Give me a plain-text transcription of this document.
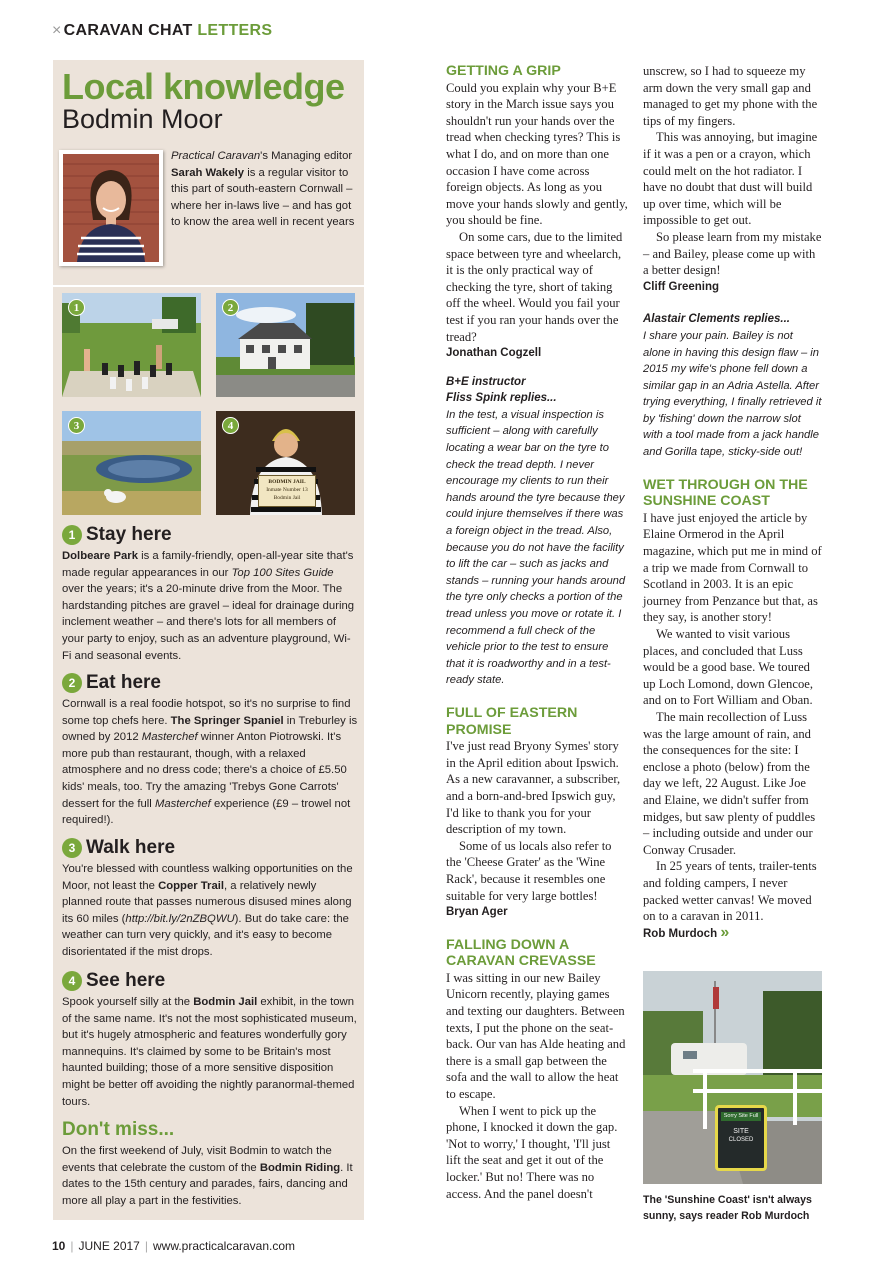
× CARAVAN CHAT LETTERS
Local knowledge
Bodmin Moor
Practical Caravan's Managing editor Sarah Wakely is a regular visitor to this part of south-eastern Cornwall – where her in-laws live – and has got to know the area well in recent years
1	2
3
BODMIN JAIL
Inmate Number 13
Bodmin Jail
4
1 Stay here
Dolbeare Park is a family-friendly, open-all-year site that's made regular appearances in our Top 100 Sites Guide over the years; it's a 20-minute drive from the Moor. The hardstanding pitches are gravel – ideal for drainage during inclement weather – and there's lots for all members of your party to enjoy, such as an adventure playground, Wi-Fi and seasonal events.
2 Eat here
Cornwall is a real foodie hotspot, so it's no surprise to find some top chefs here. The Springer Spaniel in Treburley is owned by 2012 Masterchef winner Anton Piotrowski. It's more pub than restaurant, though, with a relaxed atmosphere and no dress code; there's a choice of £5.50 kids' meals, too. Try the amazing 'Trebys Gone Carrots' dessert for the full Masterchef experience (£9 – trowel not required!).
3 Walk here
You're blessed with countless walking opportunities on the Moor, not least the Copper Trail, a relatively newly planned route that passes numerous disused mines along its 60 miles (http://bit.ly/2nZBQWU). But do take care: the weather can turn very quickly, and it's easy to become disorientated if the mist drops.
4 See here
Spook yourself silly at the Bodmin Jail exhibit, in the town of the same name. It's not the most sophisticated museum, but it's hugely atmospheric and features wonderfully gory mannequins. It's claimed by some to be Britain's most haunted building; those of a more sensitive disposition might be better off avoiding the nightly paranormal-themed tours.
Don't miss...
On the first weekend of July, visit Bodmin to watch the events that celebrate the custom of the Bodmin Riding. It dates to the 15th century and parades, fairs, dancing and more all play a part in the festivities.
GETTING A GRIP

Could you explain why your B+E story in the March issue says you shouldn't run your hands over the tread when checking tyres? This is what I do, and on more than one occasion I have come across foreign objects. As long as you move your hands slowly and gently, you should be fine.

On some cars, due to the limited space between tyre and wheelarch, it is the only practical way of checking the tyre, short of taking off the wheel. Would you fail your test if you ran your hands over the tread?

Jonathan Cogzell
B+E instructor
Fliss Spink replies...
In the test, a visual inspection is sufficient – along with carefully locating a wear bar on the tyre to check the tread depth. I never encourage my clients to run their hands around the tyre because they could injure themselves if there was a foreign object in the tread. Also, because you do not have the facility to lift the car – such as jacks and stands – running your hands around the tyre only checks a portion of the tread unless you move or rotate it. I recommend a full check of the vehicle prior to the test to ensure that it is roadworthy and in a test-ready state.
FULL OF EASTERN PROMISE

I've just read Bryony Symes' story in the April edition about Ipswich. As a new caravanner, a subscriber, and a born-and-bred Ipswich guy, I'd like to thank you for your description of my town.

Some of us locals also refer to the 'Cheese Grater' as the 'Wine Rack', because it resembles one suitable for very large bottles!

Bryan Ager
FALLING DOWN A CARAVAN CREVASSE

I was sitting in our new Bailey Unicorn recently, playing games and texting our daughters. Between texts, I put the phone on the seat-back. Our van has Alde heating and there is a small gap between the sofa and the wall to allow the heat to escape.

When I went to pick up the phone, I knocked it down the gap. 'Not to worry,' I thought, 'I'll just lift the seat and get it out of the locker.' But no! There was no access. And the panel doesn't

unscrew, so I had to squeeze my arm down the very small gap and managed to get my phone with the tips of my fingers.

This was annoying, but imagine if it was a pen or a crayon, which could melt on the hot radiator. I have no doubt that dust will build up over time, which will be impossible to get out.

So please learn from my mistake – and Bailey, please come up with a better design!

Cliff Greening
Alastair Clements replies...
I share your pain. Bailey is not alone in having this design flaw – in 2015 my wife's phone fell down a similar gap in an Adria Astella. After trying everything, I finally retrieved it by 'fishing' down the narrow slot with a tool made from a jack handle and Gorilla tape, sticky-side out!
WET THROUGH ON THE SUNSHINE COAST

I have just enjoyed the article by Elaine Ormerod in the April magazine, which put me in mind of a trip we made from Cornwall to Scotland in 2003. It is an epic journey from Penzance but that, as they say, is another story!

We wanted to visit various places, and concluded that Luss would be a good base. We toured up Loch Lomond, down Glencoe, and on to Fort William and Oban.

The main recollection of Luss was the large amount of rain, and the consequences for the site: I enclose a photo (below) from the day we left, 22 August. Like Joe and Elaine, we didn't suffer from midges, but saw plenty of puddles – including outside and under our Conway Crusader.

In 25 years of tents, trailer-tents and folding campers, I never packed wetter canvas! We moved on to a caravan in 2011.

Rob Murdoch »
Sorry Site Full
SITE
CLOSED
The 'Sunshine Coast' isn't always sunny, says reader Rob Murdoch
10 | JUNE 2017 | www.practicalcaravan.com
